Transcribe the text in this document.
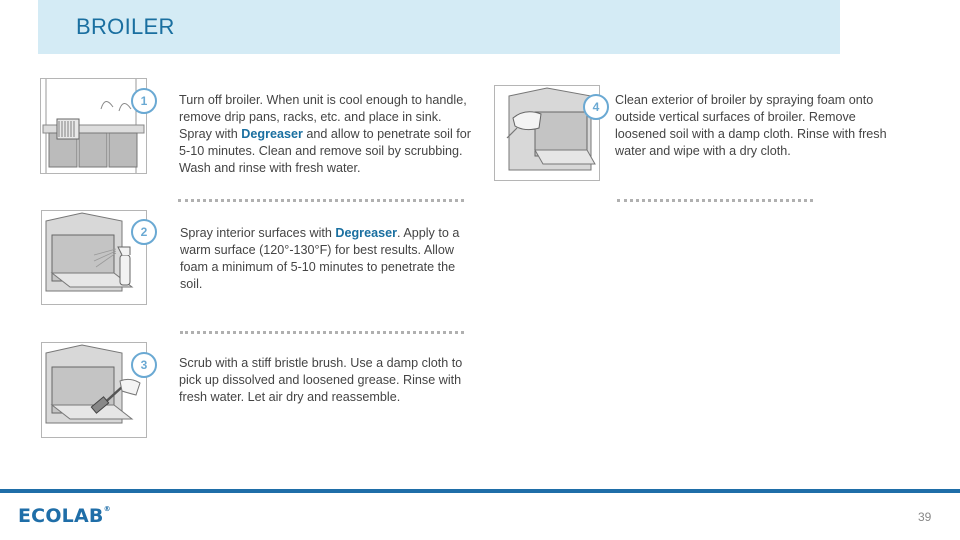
BROILER
1	Turn off broiler. When unit is cool enough to handle, remove drip pans, racks, etc. and place in sink. Spray with Degreaser and allow to penetrate soil for 5-10 minutes. Clean and remove soil by scrubbing. Wash and rinse with fresh water.
2	Spray interior surfaces with Degreaser. Apply to a warm surface (120°-130°F) for best results. Allow foam a minimum of 5-10 minutes to penetrate the soil.
3	Scrub with a stiff bristle brush. Use a damp cloth to pick up dissolved and loosened grease. Rinse with fresh water. Let air dry and reassemble.
4	Clean exterior of broiler by spraying foam onto outside vertical surfaces of broiler. Remove loosened soil with a damp cloth. Rinse with fresh water and wipe with a dry cloth.
ECOLAB®
39
